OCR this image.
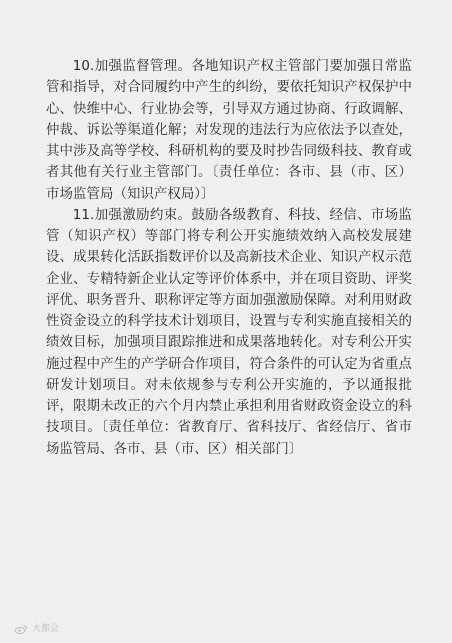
10.加强监督管理。各地知识产权主管部门要加强日常监管和指导，对合同履约中产生的纠纷，要依托知识产权保护中心、快维中心、行业协会等，引导双方通过协商、行政调解、仲裁、诉讼等渠道化解；对发现的违法行为应依法予以查处，其中涉及高等学校、科研机构的要及时抄告同级科技、教育或者其他有关行业主管部门。〔责任单位：各市、县（市、区）市场监管局（知识产权局）〕

11.加强激励约束。鼓励各级教育、科技、经信、市场监管（知识产权）等部门将专利公开实施绩效纳入高校发展建设、成果转化活跃指数评价以及高新技术企业、知识产权示范企业、专精特新企业认定等评价体系中，并在项目资助、评奖评优、职务晋升、职称评定等方面加强激励保障。对利用财政性资金设立的科学技术计划项目，设置与专利实施直接相关的绩效目标，加强项目跟踪推进和成果落地转化。对专利公开实施过程中产生的产学研合作项目，符合条件的可认定为省重点研发计划项目。对未依规参与专利公开实施的，予以通报批评，限期未改正的六个月内禁止承担利用省财政资金设立的科技项目。〔责任单位：省教育厅、省科技厅、省经信厅、省市场监管局、各市、县（市、区）相关部门〕

大都会
